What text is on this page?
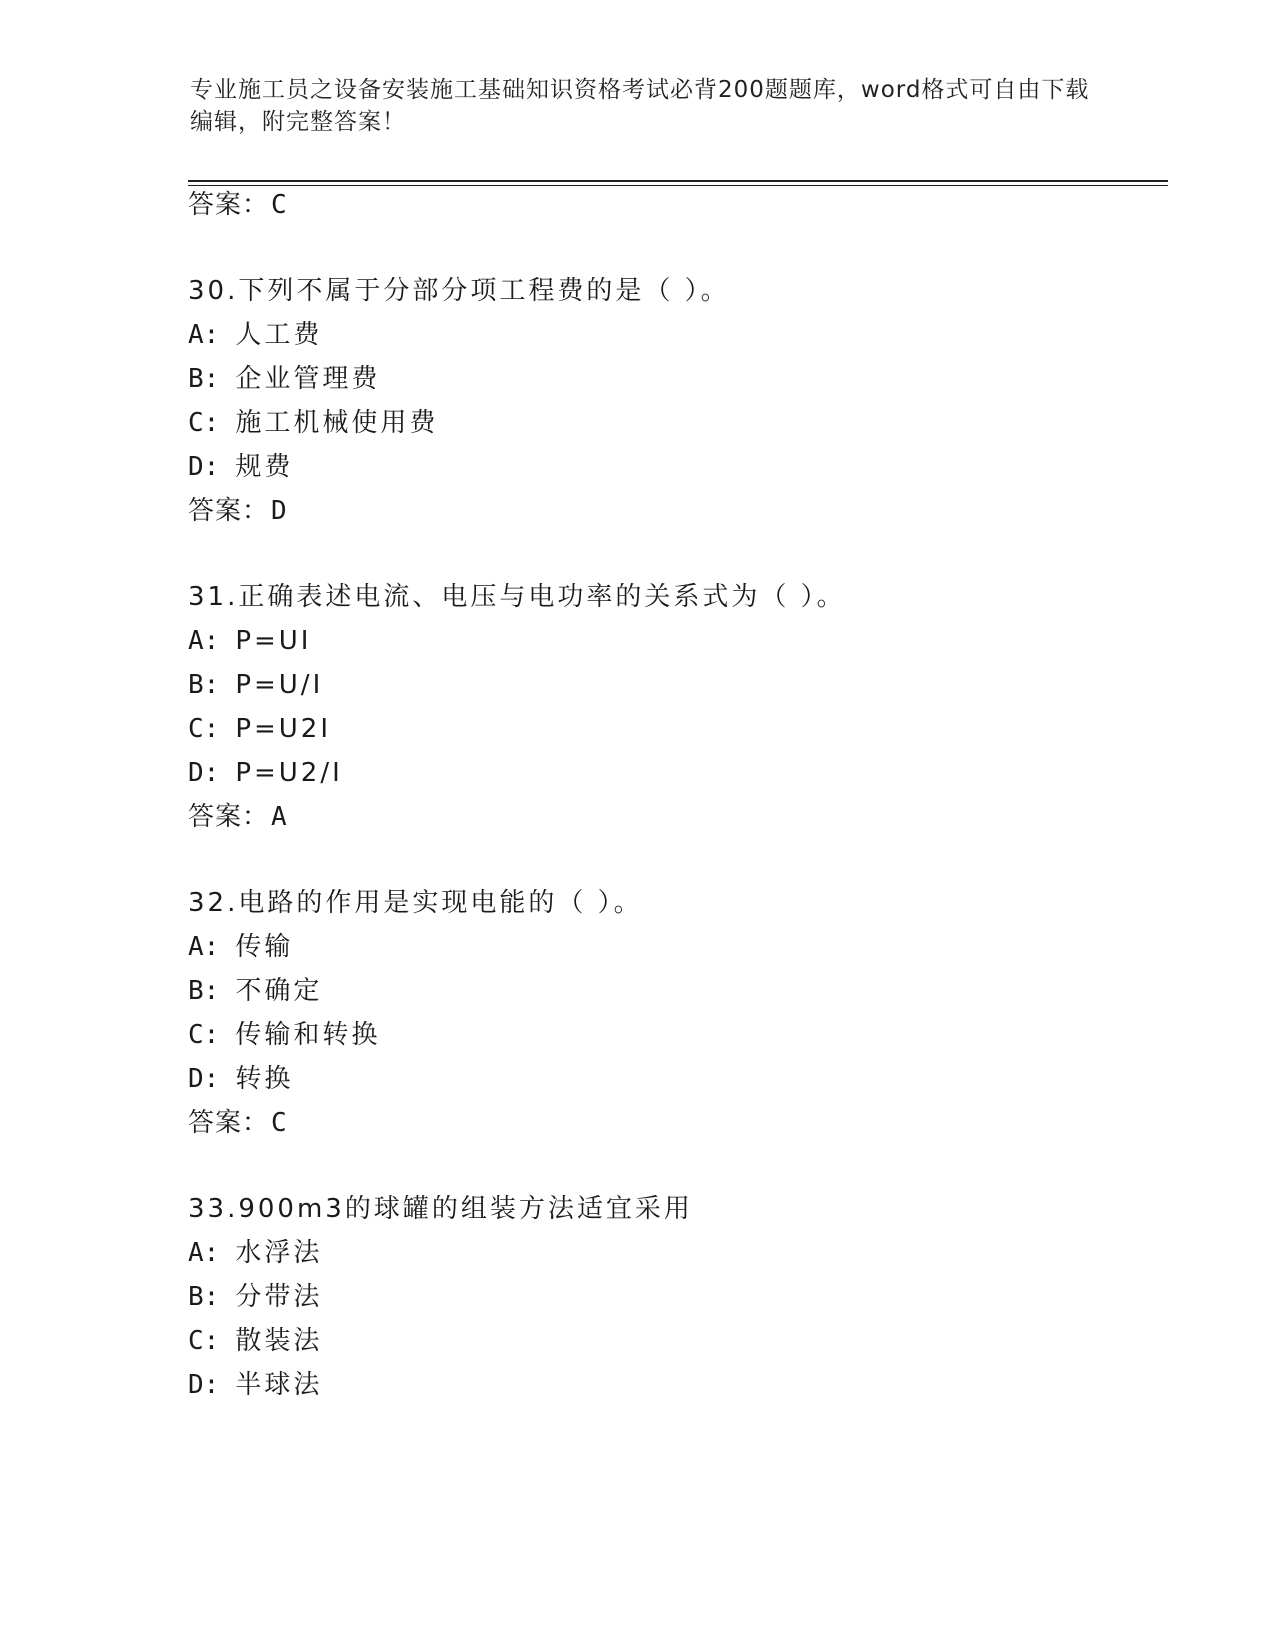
专业施工员之设备安装施工基础知识资格考试必背200题题库，word格式可自由下载编辑，附完整答案！
答案：C
30.下列不属于分部分项工程费的是（ ）。
A: 人工费
B: 企业管理费
C: 施工机械使用费
D: 规费
答案：D
31.正确表述电流、电压与电功率的关系式为（ ）。
A: P=UI
B: P=U/I
C: P=U2I
D: P=U2/I
答案：A
32.电路的作用是实现电能的（ ）。
A: 传输
B: 不确定
C: 传输和转换
D: 转换
答案：C
33.900m3的球罐的组装方法适宜采用
A: 水浮法
B: 分带法
C: 散装法
D: 半球法
